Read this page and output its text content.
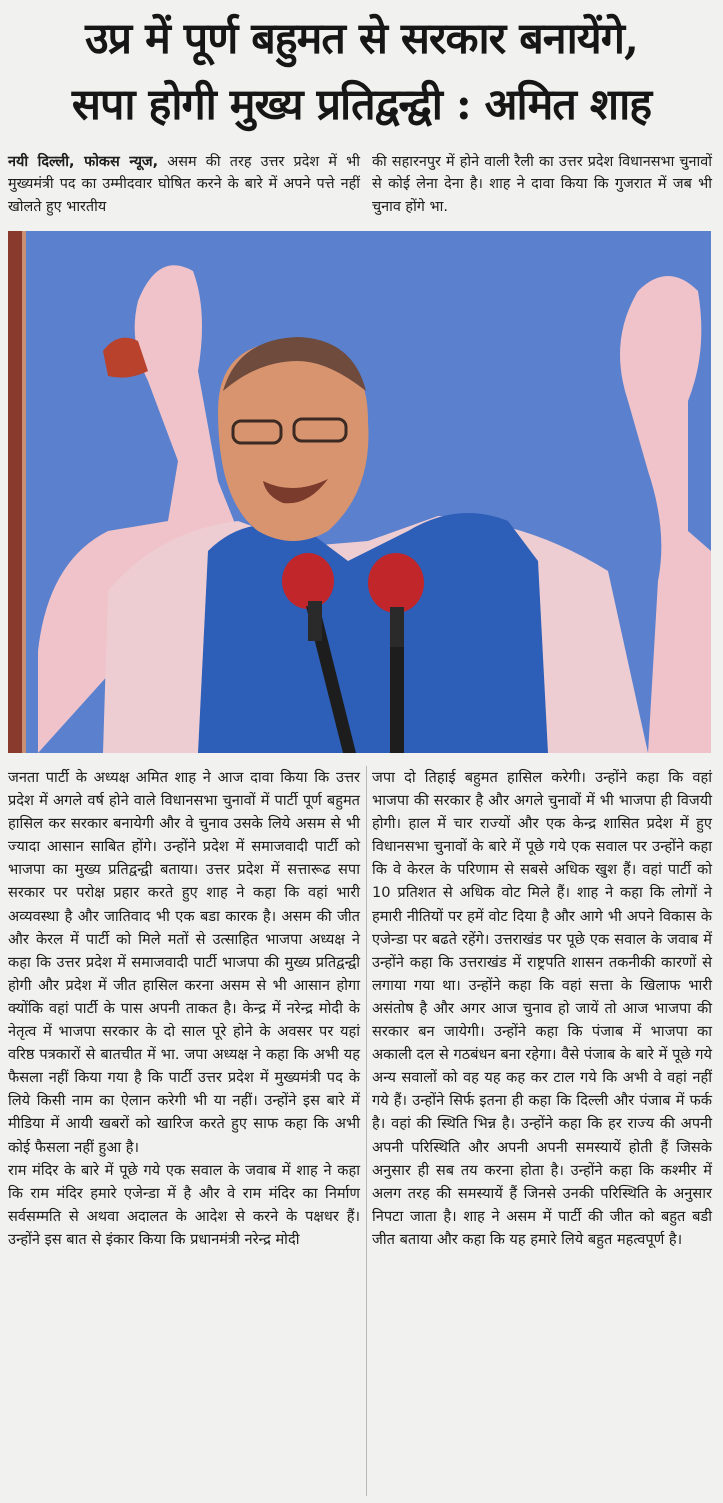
उप्र में पूर्ण बहुमत से सरकार बनायेंगे,
सपा होगी मुख्य प्रतिद्वन्द्वी : अमित शाह

नयी दिल्ली, फोकस न्यूज, असम की तरह उत्तर प्रदेश में भी मुख्यमंत्री पद का उम्मीदवार घोषित करने के बारे में अपने पत्ते नहीं खोलते हुए भारतीय

की सहारनपुर में होने वाली रैली का उत्तर प्रदेश विधानसभा चुनावों से कोई लेना देना है। शाह ने दावा किया कि गुजरात में जब भी चुनाव होंगे भा.

जनता पार्टी के अध्यक्ष अमित शाह ने आज दावा किया कि उत्तर प्रदेश में अगले वर्ष होने वाले विधानसभा चुनावों में पार्टी पूर्ण बहुमत हासिल कर सरकार बनायेगी और वे चुनाव उसके लिये असम से भी ज्यादा आसान साबित होंगे। उन्होंने प्रदेश में समाजवादी पार्टी को भाजपा का मुख्य प्रतिद्वन्द्वी बताया। उत्तर प्रदेश में सत्तारूढ सपा सरकार पर परोक्ष प्रहार करते हुए शाह ने कहा कि वहां भारी अव्यवस्था है और जातिवाद भी एक बडा कारक है। असम की जीत और केरल में पार्टी को मिले मतों से उत्साहित भाजपा अध्यक्ष ने कहा कि उत्तर प्रदेश में समाजवादी पार्टी भाजपा की मुख्य प्रतिद्वन्द्वी होगी और प्रदेश में जीत हासिल करना असम से भी आसान होगा क्योंकि वहां पार्टी के पास अपनी ताकत है। केन्द्र में नरेन्द्र मोदी के नेतृत्व में भाजपा सरकार के दो साल पूरे होने के अवसर पर यहां वरिष्ठ पत्रकारों से बातचीत में भा. जपा अध्यक्ष ने कहा कि अभी यह फैसला नहीं किया गया है कि पार्टी उत्तर प्रदेश में मुख्यमंत्री पद के लिये किसी नाम का ऐलान करेगी भी या नहीं। उन्होंने इस बारे में मीडिया में आयी खबरों को खारिज करते हुए साफ कहा कि अभी कोई फैसला नहीं हुआ है।

राम मंदिर के बारे में पूछे गये एक सवाल के जवाब में शाह ने कहा कि राम मंदिर हमारे एजेन्डा में है और वे राम मंदिर का निर्माण सर्वसम्मति से अथवा अदालत के आदेश से करने के पक्षधर हैं। उन्होंने इस बात से इंकार किया कि प्रधानमंत्री नरेन्द्र मोदी

जपा दो तिहाई बहुमत हासिल करेगी। उन्होंने कहा कि वहां भाजपा की सरकार है और अगले चुनावों में भी भाजपा ही विजयी होगी। हाल में चार राज्यों और एक केन्द्र शासित प्रदेश में हुए विधानसभा चुनावों के बारे में पूछे गये एक सवाल पर उन्होंने कहा कि वे केरल के परिणाम से सबसे अधिक खुश हैं। वहां पार्टी को 10 प्रतिशत से अधिक वोट मिले हैं। शाह ने कहा कि लोगों ने हमारी नीतियों पर हमें वोट दिया है और आगे भी अपने विकास के एजेन्डा पर बढते रहेंगे। उत्तराखंड पर पूछे एक सवाल के जवाब में उन्होंने कहा कि उत्तराखंड में राष्ट्रपति शासन तकनीकी कारणों से लगाया गया था। उन्होंने कहा कि वहां सत्ता के खिलाफ भारी असंतोष है और अगर आज चुनाव हो जायें तो आज भाजपा की सरकार बन जायेगी। उन्होंने कहा कि पंजाब में भाजपा का अकाली दल से गठबंधन बना रहेगा। वैसे पंजाब के बारे में पूछे गये अन्य सवालों को वह यह कह कर टाल गये कि अभी वे वहां नहीं गये हैं। उन्होंने सिर्फ इतना ही कहा कि दिल्ली और पंजाब में फर्क है। वहां की स्थिति भिन्न है। उन्होंने कहा कि हर राज्य की अपनी अपनी परिस्थिति और अपनी अपनी समस्यायें होती हैं जिसके अनुसार ही सब तय करना होता है। उन्होंने कहा कि कश्मीर में अलग तरह की समस्यायें हैं जिनसे उनकी परिस्थिति के अनुसार निपटा जाता है। शाह ने असम में पार्टी की जीत को बहुत बडी जीत बताया और कहा कि यह हमारे लिये बहुत महत्वपूर्ण है।
